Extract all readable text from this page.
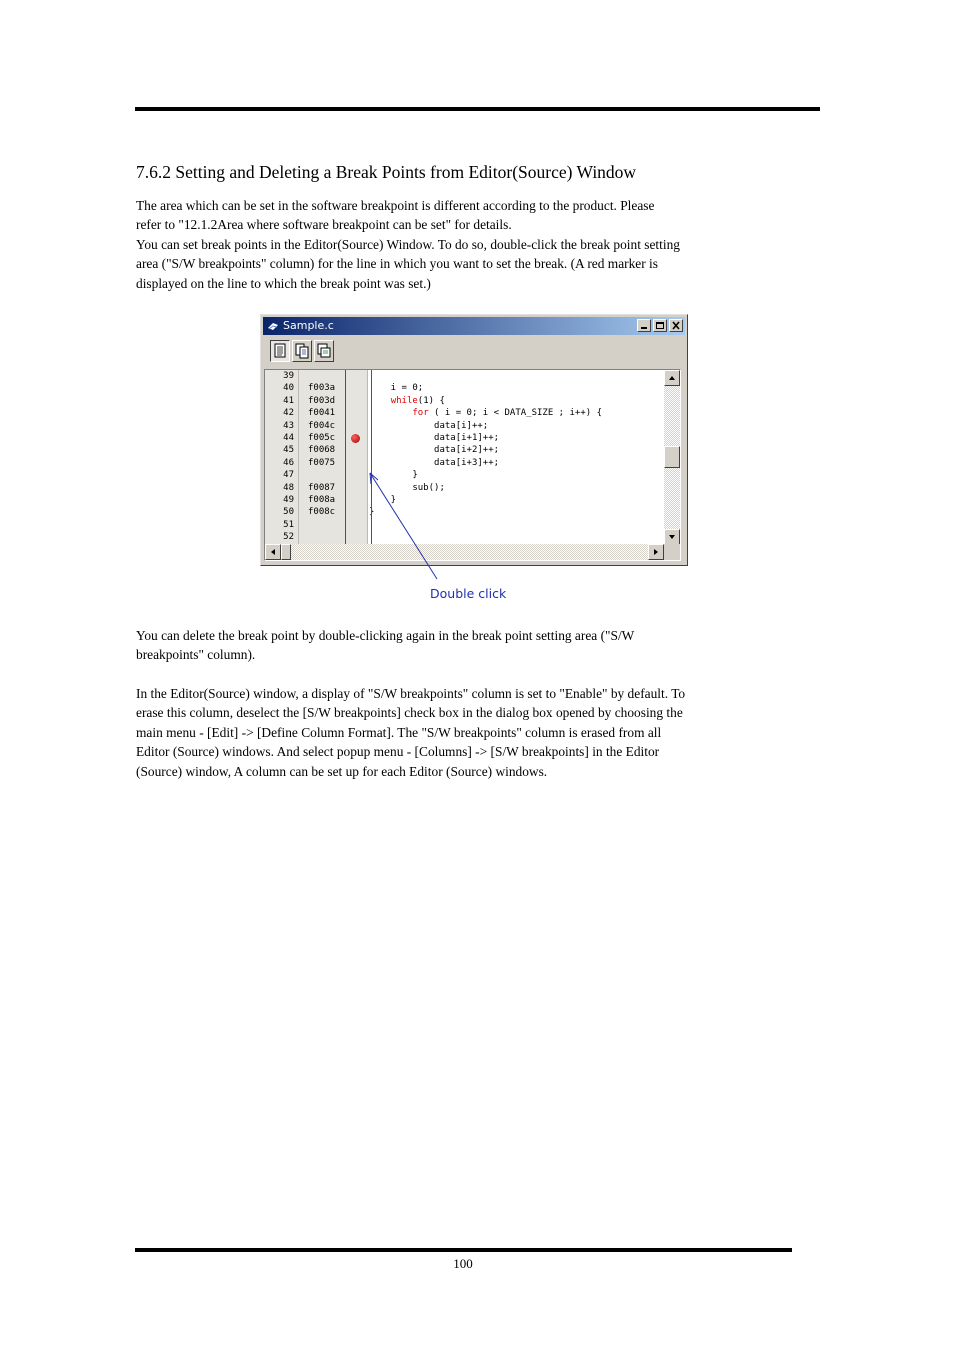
7.6.2 Setting and Deleting a Break Points from Editor(Source) Window

The area which can be set in the software breakpoint is different according to the product. Please
refer to "12.1.2Area where software breakpoint can be set" for details.
You can set break points in the Editor(Source) Window. To do so, double-click the break point setting
area ("S/W breakpoints" column) for the line in which you want to set the break. (A red marker is
displayed on the line to which the break point was set.)

Sample.c
39
40 f003a	i = 0;
41 f003d	while(1) {
42 f0041	for ( i = 0; i < DATA_SIZE ; i++) {
43 f004c	data[i]++;
44 f005c	data[i+1]++;
45 f0068	data[i+2]++;
46 f0075	data[i+3]++;
47	}
48 f0087	sub();
49 f008a	}
50 f008c	}
51
52
Double click

You can delete the break point by double-clicking again in the break point setting area ("S/W
breakpoints" column).

In the Editor(Source) window, a display of "S/W breakpoints" column is set to "Enable" by default. To
erase this column, deselect the [S/W breakpoints] check box in the dialog box opened by choosing the
main menu - [Edit] -> [Define Column Format]. The "S/W breakpoints" column is erased from all
Editor (Source) windows. And select popup menu - [Columns] -> [S/W breakpoints] in the Editor
(Source) window, A column can be set up for each Editor (Source) windows.

100
